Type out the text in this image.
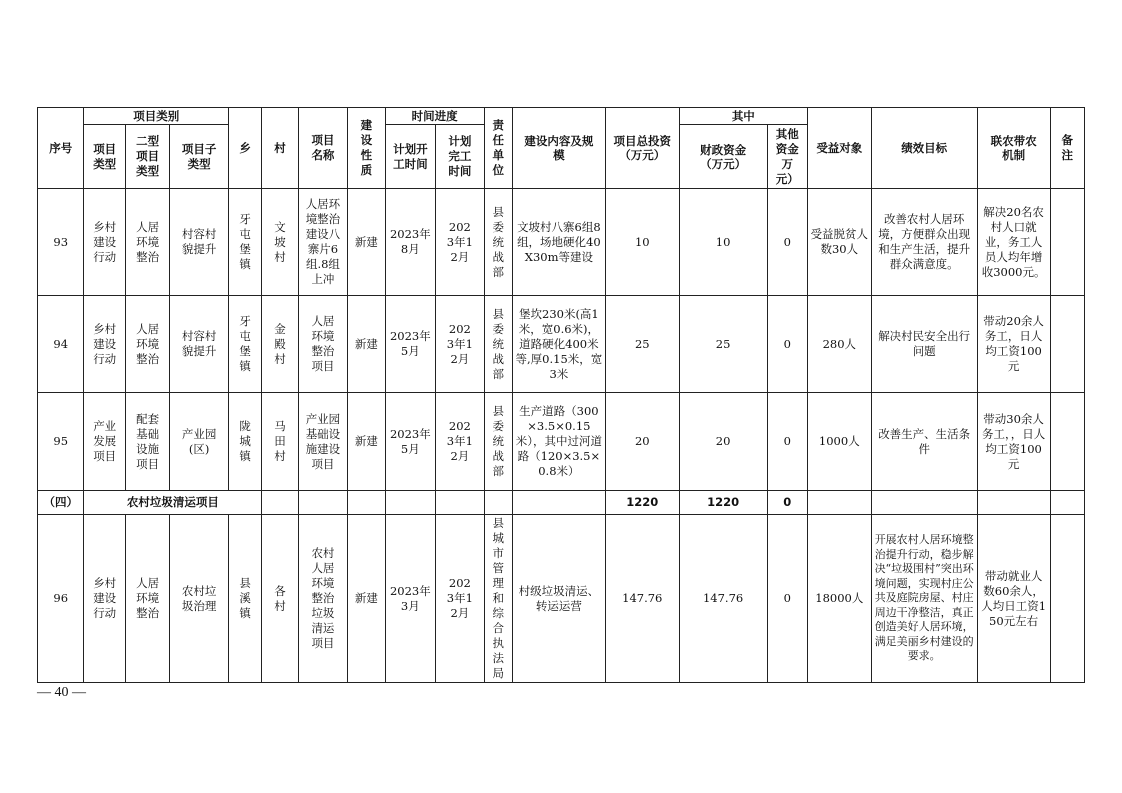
序号	项目类别			乡	村	项目名称	建设性质	时间进度		责任单位	建设内容及规模	项目总投资（万元）	其中		受益对象	绩效目标	联农带农机制	备注
	项目类型	二型项目类型	项目子类型					计划开工时间	计划完工时间				财政资金（万元）	其他资金万元）				
93	乡村建设行动	人居环境整治	村容村貌提升	牙屯堡镇	文坡村	人居环境整治建设八寨片6组.8组上冲	新建	2023年8月	2023年12月	县委统战部	文坡村八寨6组8组，场地硬化40X30m等建设	10	10	0	受益脱贫人数30人	改善农村人居环境，方便群众出现和生产生活，提升群众满意度。	解决20名农村人口就业，务工人员人均年增收3000元。	
94	乡村建设行动	人居环境整治	村容村貌提升	牙屯堡镇	金殿村	人居环境整治项目	新建	2023年5月	2023年12月	县委统战部	堡坎230米(高1米，宽0.6米)，道路硬化400米等,厚0.15米，宽3米	25	25	0	280人	解决村民安全出行问题	带动20余人务工，日人均工资100元	
95	产业发展项目	配套基础设施项目	产业园(区)	陇城镇	马田村	产业园基础设施建设项目	新建	2023年5月	2023年12月	县委统战部	生产道路（300×3.5×0.15米），其中过河道路（120×3.5×0.8米）	20	20	0	1000人	改善生产、生活条件	带动30余人务工，，日人均工资100元	
（四）	农村垃圾清运项目											1220	1220	0				
96	乡村建设行动	人居环境整治	农村垃圾治理	县溪镇	各村	农村人居环境整治垃圾清运项目	新建	2023年3月	2023年12月	县城市管理和综合执法局	村级垃圾清运、转运运营	147.76	147.76	0	18000人	开展农村人居环境整治提升行动，稳步解决“垃圾围村”突出环境问题，实现村庄公共及庭院房屋、村庄周边干净整洁，真正创造美好人居环境，满足美丽乡村建设的要求。	带动就业人数60余人，人均日工资150元左右	
— 40 —
